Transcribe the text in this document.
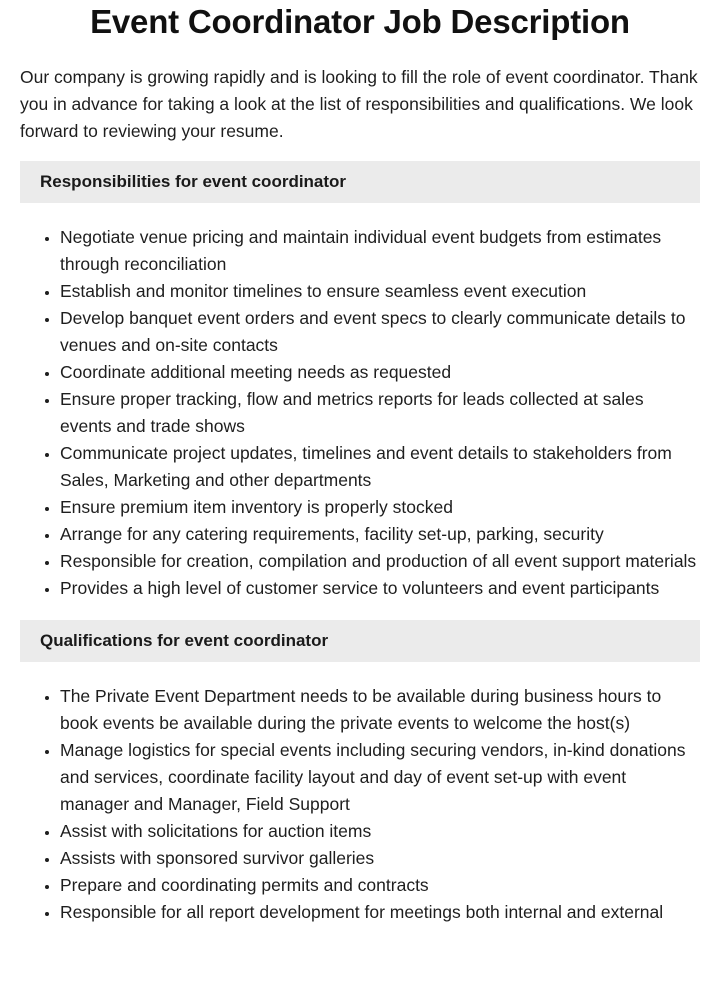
Event Coordinator Job Description

Our company is growing rapidly and is looking to fill the role of event coordinator. Thank you in advance for taking a look at the list of responsibilities and qualifications. We look forward to reviewing your resume.

Responsibilities for event coordinator
• Negotiate venue pricing and maintain individual event budgets from estimates through reconciliation
• Establish and monitor timelines to ensure seamless event execution
• Develop banquet event orders and event specs to clearly communicate details to venues and on-site contacts
• Coordinate additional meeting needs as requested
• Ensure proper tracking, flow and metrics reports for leads collected at sales events and trade shows
• Communicate project updates, timelines and event details to stakeholders from Sales, Marketing and other departments
• Ensure premium item inventory is properly stocked
• Arrange for any catering requirements, facility set-up, parking, security
• Responsible for creation, compilation and production of all event support materials
• Provides a high level of customer service to volunteers and event participants
Qualifications for event coordinator
• The Private Event Department needs to be available during business hours to book events be available during the private events to welcome the host(s)
• Manage logistics for special events including securing vendors, in-kind donations and services, coordinate facility layout and day of event set-up with event manager and Manager, Field Support
• Assist with solicitations for auction items
• Assists with sponsored survivor galleries
• Prepare and coordinating permits and contracts
• Responsible for all report development for meetings both internal and external
